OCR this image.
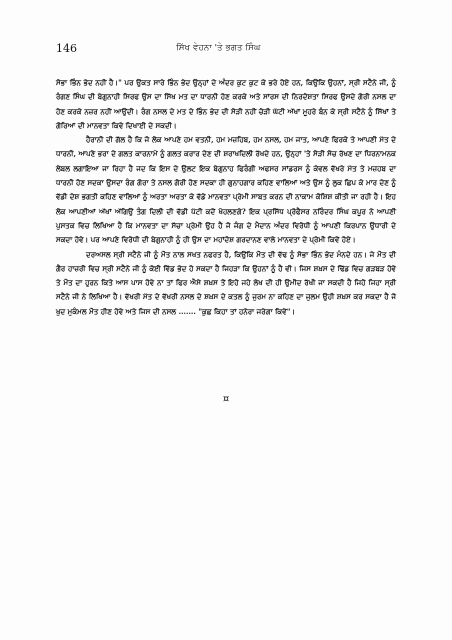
146	ਸਿੱਖ ਵੇਹਨਾ 'ਤੇ ਭਗਤ ਸਿੰਘ

ਸੋਭਾ ਭਿੰਨ ਭੇਦ ਨਹੀਂ ਹੈ।" ਪਰ ਉਕਤ ਸਾਰੇ ਭਿੰਨ ਭੇਦ ਉਨ੍ਹਾਂ ਦੇ ਅੰਦਰ ਕੁਟ ਕੁਟ ਕੇ ਭਰੇ ਹੋਏ ਹਨ, ਕਿਉਂਕਿ ਉਹਨਾਂ, ਸ੍ਰੀ ਸਟੈਨੇ ਜੀ, ਨੂੰ ਰੰਗਣ ਸਿੰਘ ਦੀ ਬੇਗੁਨਾਹੀ ਸਿਰਫ ਉਸ ਦਾ ਸਿੱਖ ਮਤ ਦਾ ਧਾਰਨੀ ਹੋਣ ਕਰਕੇ ਅਤੇ ਸਾਂਰਸ ਦੀ ਨਿਰਦੋਸ਼ਤਾ ਸਿਰਫ ਉਸਦੇ ਗੋਰੀ ਨਸਲ ਦਾ ਹੋਣ ਕਰਕੇ ਨਜ਼ਰ ਨਹੀਂ ਆਉਂਦੀ। ਰੰਗ ਨਸਲ ਦੇ ਮਤ ਦੇ ਭਿੰਨ ਭੇਦ ਦੀ ਸੋੜੀ ਨਹੀਂ ਚੋੜੀ ਘੱਟੀ ਅੱਖਾਂ ਮੂਹਰੇ ਬੰਨ ਕੇ ਸ੍ਰੀ ਸਟੈਨੇ ਨੂੰ ਸਿੱਖਾਂ ਤੇ ਗੋਰਿਆਂ ਦੀ ਮਾਨਵਤਾ ਕਿਵੇ ਦਿਖਾਈ ਦੇ ਸਕਦੀ।

ਹੈਰਾਨੀ ਦੀ ਗੱਲ ਹੈ ਕਿ ਜੋ ਲੋਕ ਆਪਣੇ ਹਮ ਵਤਨੀ, ਹਮ ਮਜ਼ਹਿਬ, ਹਮ ਨਸਲ, ਹਮ ਜਾਤ, ਆਪਣੇ ਫਿਰਕੇ ਤੇ ਆਪਣੀ ਮੱਤ ਦੇ ਧਾਰਨੀ, ਆਪਣੇ ਭਰਾ ਦੇ ਗਲਤ ਕਾਰਨਾਮੇਂ ਨੂੰ ਗਲਤ ਕਰਾਰ ਦੇਣ ਦੀ ਸ਼ਰਾਖਦਿਲੀ ਰੱਖਦੇ ਹਨ, ਉਨ੍ਹਾਂ 'ਤੇ ਸੋੜੀ ਸੋਚ ਰੱਖਣ ਦਾ ਧਿਰਨਾਮਨਕ ਲੇਬਲ ਲਗਾਇਆ ਜਾ ਰਿਹਾ ਹੈ ਜਦ ਕਿ ਇਸ ਦੇ ਉਲਟ ਇਕ ਬੇਗੁਨਾਹ ਫਿਰੰਗੀ ਅਫਸਰ ਸਾਂਡਰਸ ਨੂੰ ਕੇਵਲ ਵੱਖਰੇ ਮੱਤ ਤੇ ਮਜ਼ਹਬ ਦਾ ਧਾਰਨੀ ਹੋਣ ਸਦਕਾ ਉਸਦਾ ਰੰਗ ਗੋਰਾ ਤੇ ਨਸਲ ਗੋਰੀ ਹੋਣ ਸਦਕਾ ਹੀ ਗੁਨਾਹਗਾਰ ਕਹਿਣ ਵਾਲਿਆਂ ਅਤੇ ਉਸ ਨੂੰ ਲੁਕ ਛਿਪ ਕੇ ਮਾਰ ਦੇਣ ਨੂੰ ਵੱਡੀ ਦੇਸ਼ ਭਗਤੀ ਕਹਿਣ ਵਾਲਿਆਂ ਨੂੰ ਅਰਤਾ ਅਰਤਾ ਕੇ ਵੱਡੇ ਮਾਨਵਤਾ ਪ੍ਰੇਮੀ ਸਾਬਤ ਕਰਨ ਦੀ ਨਾਕਾਮ ਕੋਸ਼ਿਸ਼ ਕੀਤੀ ਜਾ ਰਹੀ ਹੈ। ਇਹ ਲੋਕ ਆਪਣੀਆਂ ਅੱਖਾਂ ਅੱਗਿਉਂ ਤੰਗ ਦਿਲੀ ਦੀ ਵੱਡੀ ਪੱਟੀ ਕਦੋਂ ਖੋਹਲਣਗੇ? ਇਕ ਪ੍ਰਸਿੱਧ ਪ੍ਰੋਫੈਸਰ ਨਰਿੰਦਰ ਸਿੰਘ ਕਪੂਰ ਨੇ ਆਪਣੀ ਪੁਸਤਕ ਵਿਚ ਲਿਖਿਆ ਹੈ ਕਿ ਮਾਨਵਤਾ ਦਾ ਸੱਚਾ ਪ੍ਰੇਮੀ ਉਹ ਹੈ ਜੋ ਜੰਗ ਦੇ ਮੈਦਾਨ ਅੰਦਰ ਵਿਰੋਧੀ ਨੂੰ ਆਪਣੀ ਕਿਰਪਾਨ ਉਧਾਰੀ ਦੇ ਸਕਦਾ ਹੋਵੇ। ਪਰ ਆਪਣੇ ਵਿਰੋਧੀ ਦੀ ਬੇਗੁਨਾਹੀ ਨੂੰ ਹੀ ਉਸ ਦਾ ਮਹਾਂਦੋਸ਼ ਗਰਦਾਨਣ ਵਾਲੇ ਮਾਨਵਤਾ ਦੇ ਪ੍ਰੇਮੀ ਕਿਵੇਂ ਹੋਏ।

ਦਰਅਸਲ ਸ੍ਰੀ ਸਟੈਨੇ ਜੀ ਨੂੰ ਮੌਤ ਨਾਲ ਸਖਤ ਨਫਰਤ ਹੈ, ਕਿਉਂਕਿ ਮੌਤ ਦੀ ਵੱਢ ਨੂੰ ਸੋਭਾ ਭਿੰਨ ਭੇਦ ਮੰਨਦੇ ਹਨ। ਜੇ ਮੌਤ ਦੀ ਗੈਰ ਹਾਜ਼ਰੀ ਵਿਚ ਸ੍ਰੀ ਸਟੈਨੇ ਜੀ ਨੂੰ ਕੋਈ ਵਿੱਡ ਭੇਦ ਹੋ ਸਕਦਾ ਹੈ ਜਿਹੜਾ ਕਿ ਉਹਨਾਂ ਨੂੰ ਹੈ ਵੀ। ਜਿਸ ਸ਼ਖ਼ਸ ਦੇ ਢਿੱਡ ਵਿਚ ਗੜਬੜ ਹੋਵੇ ਤੇ ਮੌਤ ਦਾ ਹੁਰਨ ਕਿਤੇ ਆਸ ਪਾਸ ਹੋਵੇ ਨਾ ਤਾਂ ਫਿਰ ਐਸੇ ਸ਼ਖ਼ਸ ਤੋਂ ਇਹੋ ਜਹੇ ਲੇਖ ਦੀ ਹੀ ਉਮੀਦ ਰੱਖੀ ਜਾ ਸਕਦੀ ਹੈ ਜਿਹੋ ਜਿਹਾ ਸ੍ਰੀ ਸਟੈਨੇ ਜੀ ਨੇ ਲਿਖਿਆ ਹੈ। ਵੱਖਰੀ ਮੱਤ ਦੇ ਵੱਖਰੀ ਨਸਲ ਦੇ ਸ਼ਖ਼ਸ ਦੇ ਕਤਲ ਨੂੰ ਜੁਰਮ ਨਾ ਕਹਿਣ ਦਾ ਜੁਲਮ ਉਹੀ ਸ਼ਖ਼ਸ ਕਰ ਸਕਦਾ ਹੈ ਜੋ ਖੁਦ ਮੁਕੰਮਲ ਮੌਤ ਹੀਣ ਹੋਵੇ ਅਤੇ ਜਿਸ ਦੀ ਨਸਲ ....... "ਕੁਛ ਕਿਹਾ ਤਾਂ ਹਨੇਰਾ ਜਰੇਗਾ ਕਿਵੇਂ"।

¤
